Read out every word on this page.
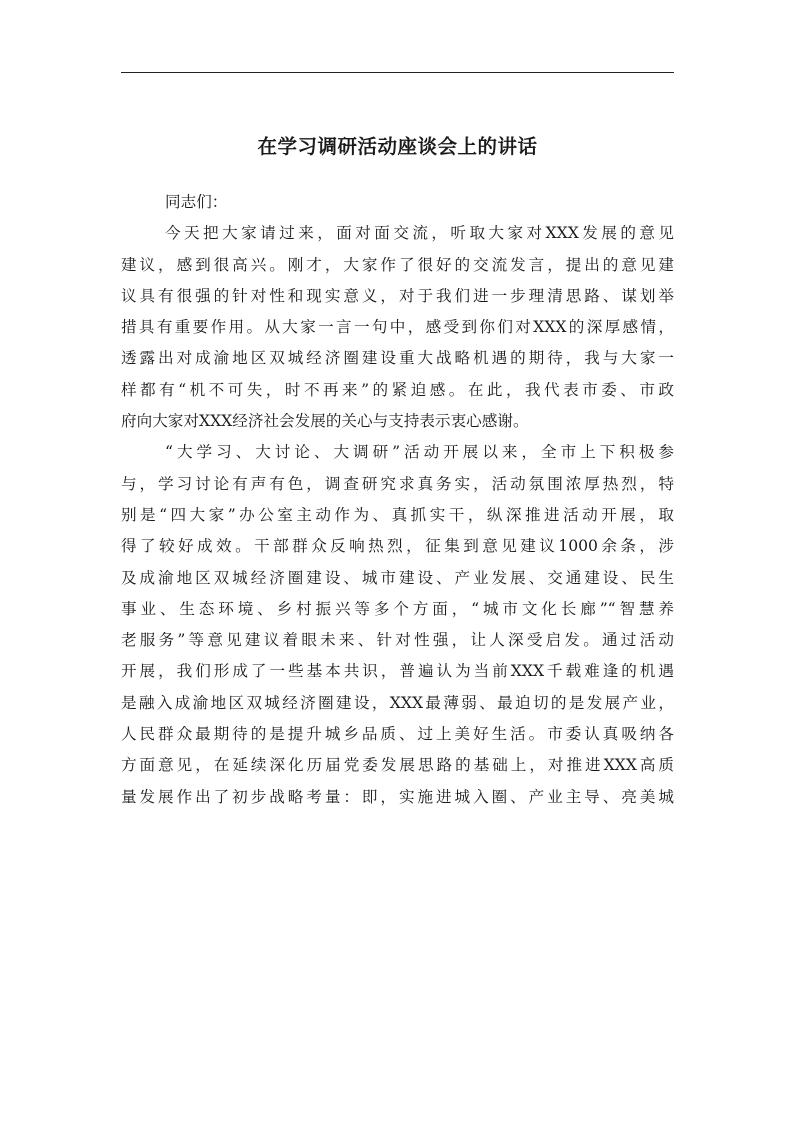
在学习调研活动座谈会上的讲话
同志们：
今天把大家请过来，面对面交流，听取大家对XXX发展的意见
建议，感到很高兴。刚才，大家作了很好的交流发言，提出的意见建
议具有很强的针对性和现实意义，对于我们进一步理清思路、谋划举
措具有重要作用。从大家一言一句中，感受到你们对XXX的深厚感情，
透露出对成渝地区双城经济圈建设重大战略机遇的期待，我与大家一
样都有“机不可失，时不再来”的紧迫感。在此，我代表市委、市政
府向大家对XXX经济社会发展的关心与支持表示衷心感谢。
“大学习、大讨论、大调研”活动开展以来，全市上下积极参
与，学习讨论有声有色，调查研究求真务实，活动氛围浓厚热烈，特
别是“四大家”办公室主动作为、真抓实干，纵深推进活动开展，取
得了较好成效。干部群众反响热烈，征集到意见建议1000余条，涉
及成渝地区双城经济圈建设、城市建设、产业发展、交通建设、民生
事业、生态环境、乡村振兴等多个方面，“城市文化长廊”“智慧养
老服务”等意见建议着眼未来、针对性强，让人深受启发。通过活动
开展，我们形成了一些基本共识，普遍认为当前XXX千载难逢的机遇
是融入成渝地区双城经济圈建设，XXX最薄弱、最迫切的是发展产业，
人民群众最期待的是提升城乡品质、过上美好生活。市委认真吸纳各
方面意见，在延续深化历届党委发展思路的基础上，对推进XXX高质
量发展作出了初步战略考量：即，实施进城入圈、产业主导、亮美城
